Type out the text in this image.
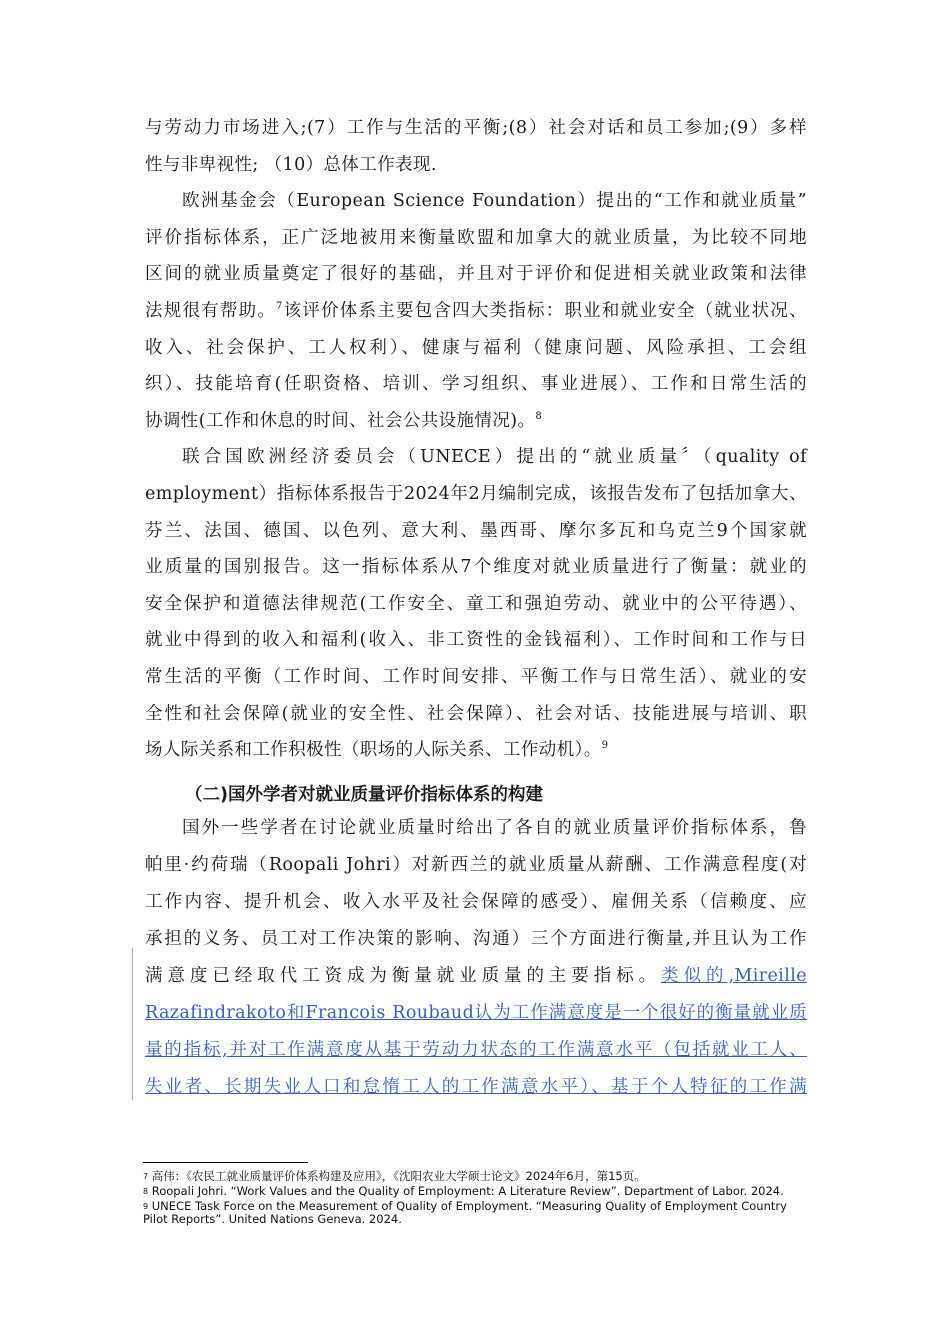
与劳动力市场进入;(7）工作与生活的平衡;(8）社会对话和员工参加;(9）多样
性与非卑视性; （10）总体工作表现.
欧洲基金会（European Science Foundation）提出的“工作和就业质量”
评价指标体系，正广泛地被用来衡量欧盟和加拿大的就业质量，为比较不同地
区间的就业质量奠定了很好的基础，并且对于评价和促进相关就业政策和法律
法规很有帮助。$^7$该评价体系主要包含四大类指标：职业和就业安全（就业状况、
收入、社会保护、工人权利）、健康与福利（健康问题、风险承担、工会组
织）、技能培育(任职资格、培训、学习组织、事业进展）、工作和日常生活的
协调性(工作和休息的时间、社会公共设施情况)。$^8$
联合国欧洲经济委员会（UNECE）提出的“就业质量〞（quality of
employment）指标体系报告于2024年2月编制完成，该报告发布了包括加拿大、
芬兰、法国、德国、以色列、意大利、墨西哥、摩尔多瓦和乌克兰9个国家就
业质量的国别报告。这一指标体系从7个维度对就业质量进行了衡量：就业的
安全保护和道德法律规范(工作安全、童工和强迫劳动、就业中的公平待遇）、
就业中得到的收入和福利(收入、非工资性的金钱福利）、工作时间和工作与日
常生活的平衡（工作时间、工作时间安排、平衡工作与日常生活）、就业的安
全性和社会保障(就业的安全性、社会保障）、社会对话、技能进展与培训、职
场人际关系和工作积极性（职场的人际关系、工作动机）。$^9$
（二)国外学者对就业质量评价指标体系的构建
国外一些学者在讨论就业质量时给出了各自的就业质量评价指标体系，鲁
帕里·约荷瑞（Roopali Johri）对新西兰的就业质量从薪酬、工作满意程度(对
工作内容、提升机会、收入水平及社会保障的感受）、雇佣关系（信赖度、应
承担的义务、员工对工作决策的影响、沟通）三个方面进行衡量,并且认为工作
满意度已经取代工资成为衡量就业质量的主要指标。类似的,Mireille
Razafindrakoto和Francois Roubaud认为工作满意度是一个很好的衡量就业质
量的指标,并对工作满意度从基于劳动力状态的工作满意水平（包括就业工人、
失业者、长期失业人口和怠惰工人的工作满意水平）、基于个人特征的工作满
$^7$ 高伟：《农民工就业质量评价体系构建及应用》，《沈阳农业大学硕士论文》2024年6月，第15页。
$^8$ Roopali Johri. “Work Values and the Quality of Employment: A Literature Review”. Department of Labor. 2024.
$^9$ UNECE Task Force on the Measurement of Quality of Employment. “Measuring Quality of Employment Country
Pilot Reports”. United Nations Geneva. 2024.
